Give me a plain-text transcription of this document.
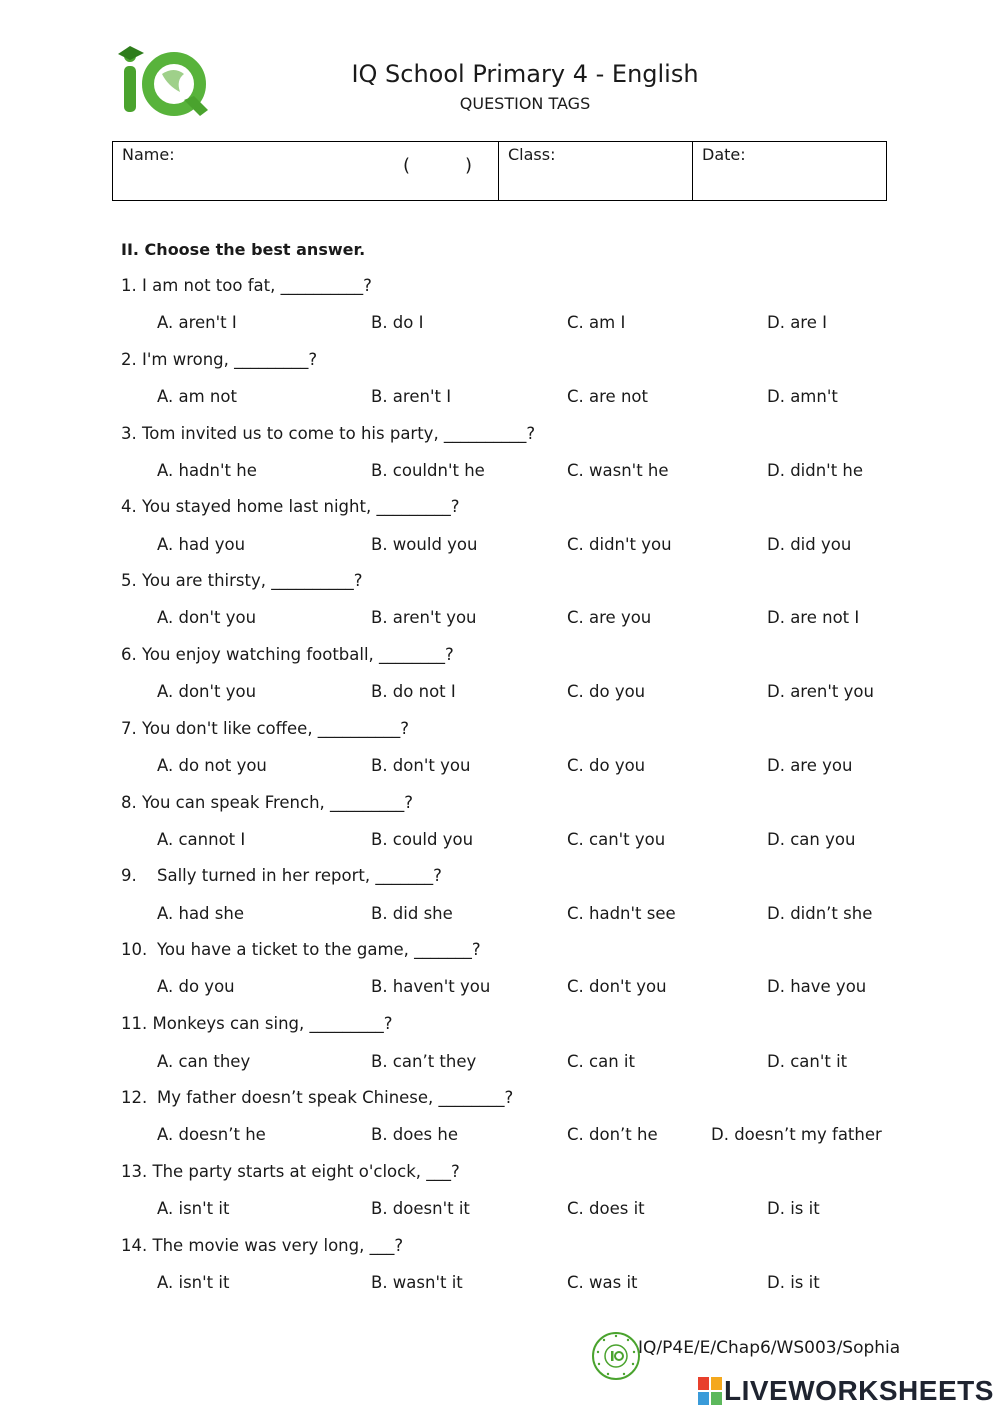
IQ School Primary 4 - English
QUESTION TAGS
Name:
(	)
Class:	Date:
II. Choose the best answer.
1. I am not too fat, __________?
A. aren't I	B. do I	C. am I	D. are I
2. I'm wrong, _________?
A. am not	B. aren't I	C. are not	D. amn't
3. Tom invited us to come to his party, __________?
A. hadn't he	B. couldn't he	C. wasn't he	D. didn't he
4. You stayed home last night, _________?
A. had you	B. would you	C. didn't you	D. did you
5. You are thirsty, __________?
A. don't you	B. aren't you	C. are you	D. are not I
6. You enjoy watching football, ________?
A. don't you	B. do not I	C. do you	D. aren't you
7. You don't like coffee, __________?
A. do not you	B. don't you	C. do you	D. are you
8. You can speak French, _________?
A. cannot I	B. could you	C. can't you	D. can you
9. Sally turned in her report, _______?
A. had she	B. did she	C. hadn't see	D. didn’t she
10. You have a ticket to the game, _______?
A. do you	B. haven't you	C. don't you	D. have you
11. Monkeys can sing, _________?
A. can they	B. can’t they	C. can it	D. can't it
12. My father doesn’t speak Chinese, ________?
A. doesn’t he	B. does he	C. don’t he	D. doesn’t my father
13. The party starts at eight o'clock, ___?
A. isn't it	B. doesn't it	C. does it	D. is it
14. The movie was very long, ___?
A. isn't it	B. wasn't it	C. was it	D. is it
IQ/P4E/E/Chap6/WS003/Sophia
LIVEWORKSHEETS
